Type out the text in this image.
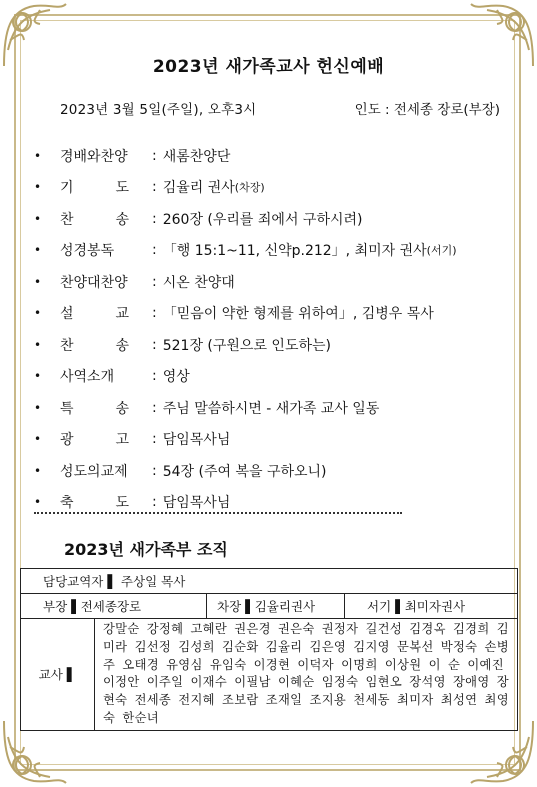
2023년 새가족교사 헌신예배
2023년 3월 5일(주일), 오후3시	인도 : 전세종 장로(부장)
•	경배와찬양	: 새롬찬양단
•	기　　　도	: 김율리 권사 (차장)
•	찬　　　송	: 260장 (우리를 죄에서 구하시려)
•	성경봉독	: 「행 15:1~11, 신약p.212」, 최미자 권사 (서기)
•	찬양대찬양	: 시온 찬양대
•	설　　　교	: 「믿음이 약한 형제를 위하여」, 김병우 목사
•	찬　　　송	: 521장 (구원으로 인도하는)
•	사역소개	: 영상
•	특　　　송	: 주님 말씀하시면 - 새가족 교사 일동
•	광　　　고	: 담임목사님
•	성도의교제	: 54장 (주여 복을 구하오니)
•	축　　　도	: 담임목사님
2023년 새가족부 조직
담당교역자 ▌ 주상일 목사
부장 ▌전세종장로	차장 ▌김율리권사	서기 ▌최미자권사
교사 ▌
강말순 강정혜 고혜란 권은경 권은숙 권정자 길건성 김경옥 김경희 김미라 김선정 김성희 김순화 김율리 김은영 김지영 문복선 박정숙 손병주 오태경 유영심 유임숙 이경현 이덕자 이명희 이상원 이 순 이예진 이정안 이주일 이재수 이필남 이혜순 임정숙 임현오 장석영 장애영 장현숙 전세종 전지혜 조보람 조재일 조지용 천세동 최미자 최성연 최영숙 한순녀
